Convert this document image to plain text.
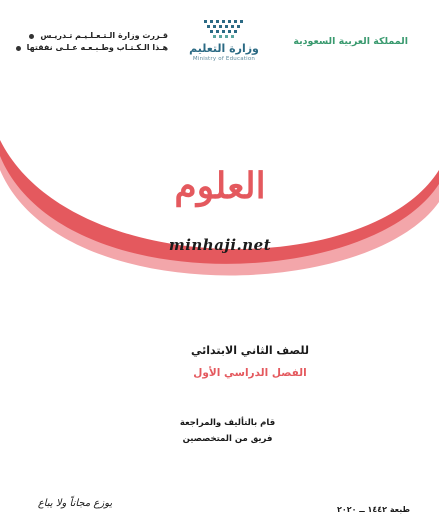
قـررت وزارة الـتـعـلـيـم تـدريـس
هـذا الـكـتـاب وطـبـعـه عـلـى نفقتها	وزارة التعليم
Ministry of Education
المملكة العربية السعودية
العلوم
minhaji.net
للصف الثاني الابتدائي
الفصل الدراسي الأول
قام بالتأليف والمراجعة
فريق من المتخصصين
طبعة ١٤٤٢ ــ ٢٠٢٠
يوزع مجاناً ولا يباع
